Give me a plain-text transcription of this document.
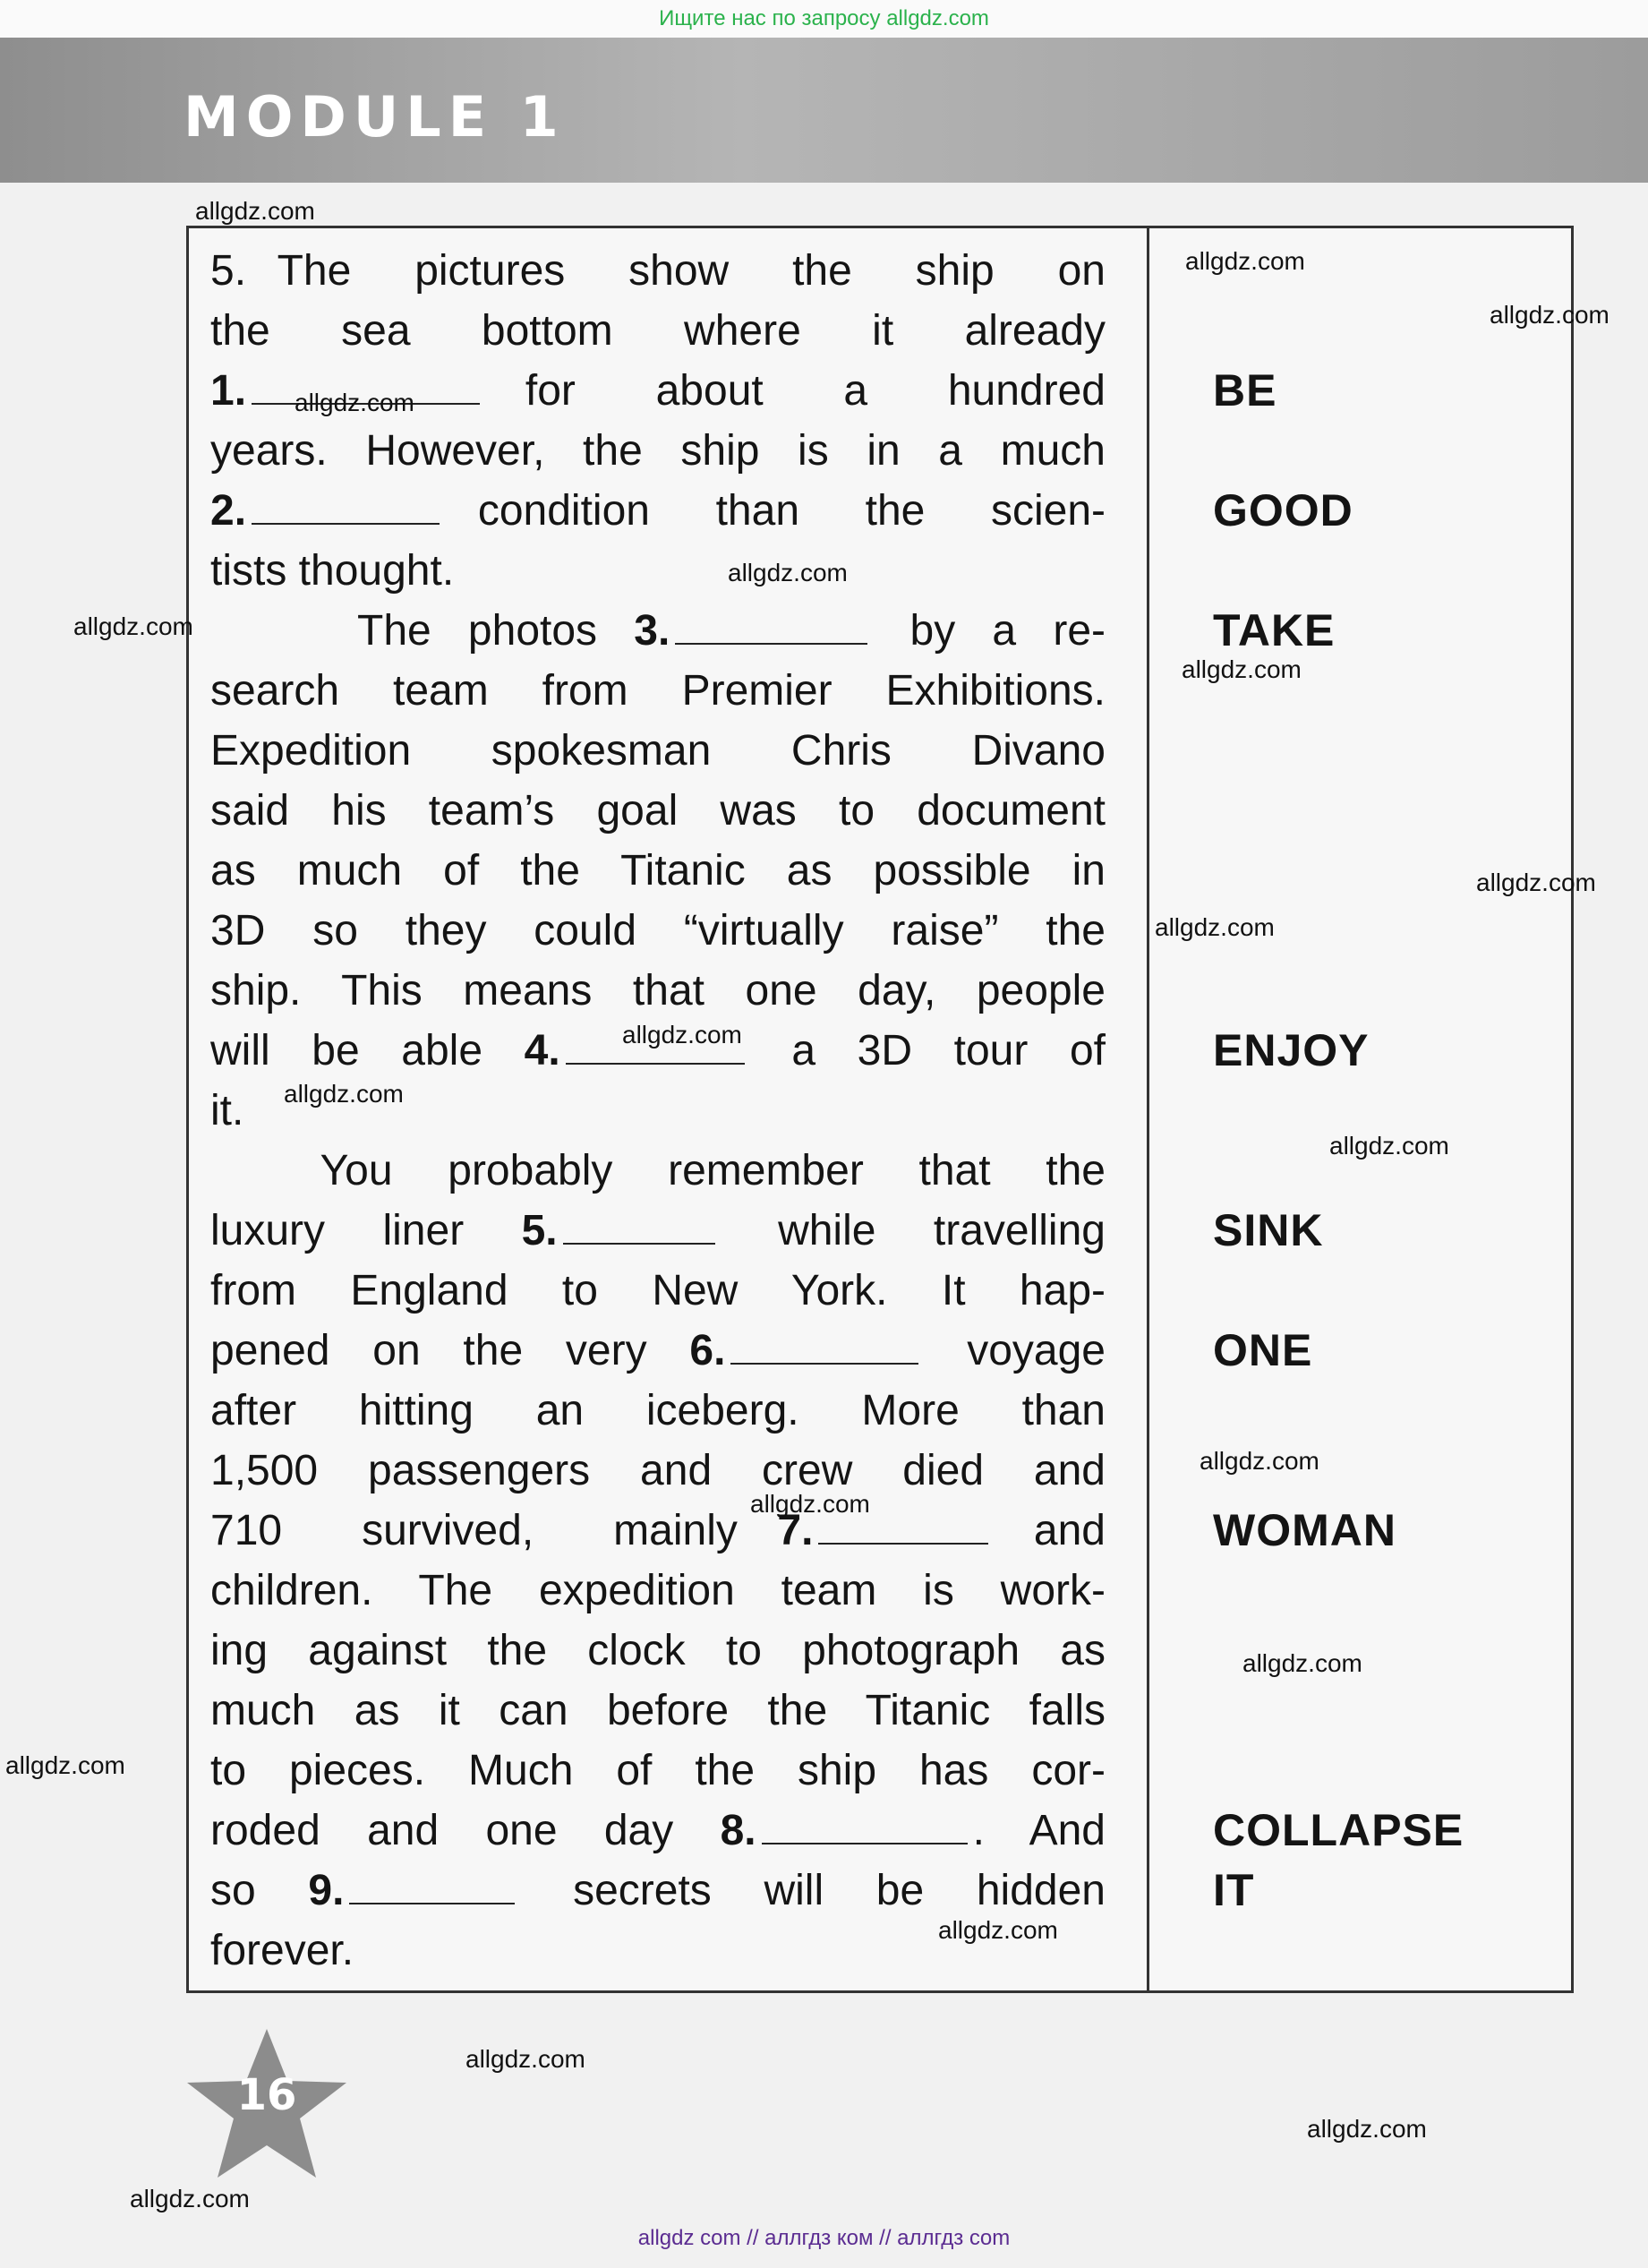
Ищите нас по запросу allgdz.com
MODULE 1
5. The  pictures  show  the  ship  on
the  sea  bottom  where  it  already
1.	for  about  a  hundred
years. However, the ship is in a much
2.	condition  than  the  scien-
tists thought.
The photos 3.	by a re-
search team from Premier Exhibitions.
Expedition spokesman Chris Divano
said his team’s goal was to document
as much of the Titanic as possible in
3D so they could “virtually raise” the
ship. This means that one day, people
will be able 4.	a 3D tour of
it.
You  probably  remember  that  the
luxury liner 5.	while travelling
from  England  to  New  York.  It  hap-
pened on the very 6.	voyage
after  hitting  an  iceberg.  More  than
1,500 passengers and crew died and
710  survived,  mainly 7.	and
children. The expedition team is work-
ing against the clock to photograph as
much as it can before the Titanic falls
to pieces. Much of the ship has cor-
roded and one day 8.	. And
so 9.	secrets will be hidden
forever.

BE

GOOD

TAKE

ENJOY

SINK

ONE

WOMAN

COLLAPSE

IT

allgdz.com
allgdz.com
allgdz.com
allgdz.com
allgdz.com
allgdz.com
allgdz.com
allgdz.com
allgdz.com
allgdz.com
allgdz.com
allgdz.com
allgdz.com
allgdz.com
allgdz.com
allgdz.com
allgdz.com
allgdz.com
allgdz.com
allgdz.com
16
allgdz com // аллгдз ком // аллгдз com
